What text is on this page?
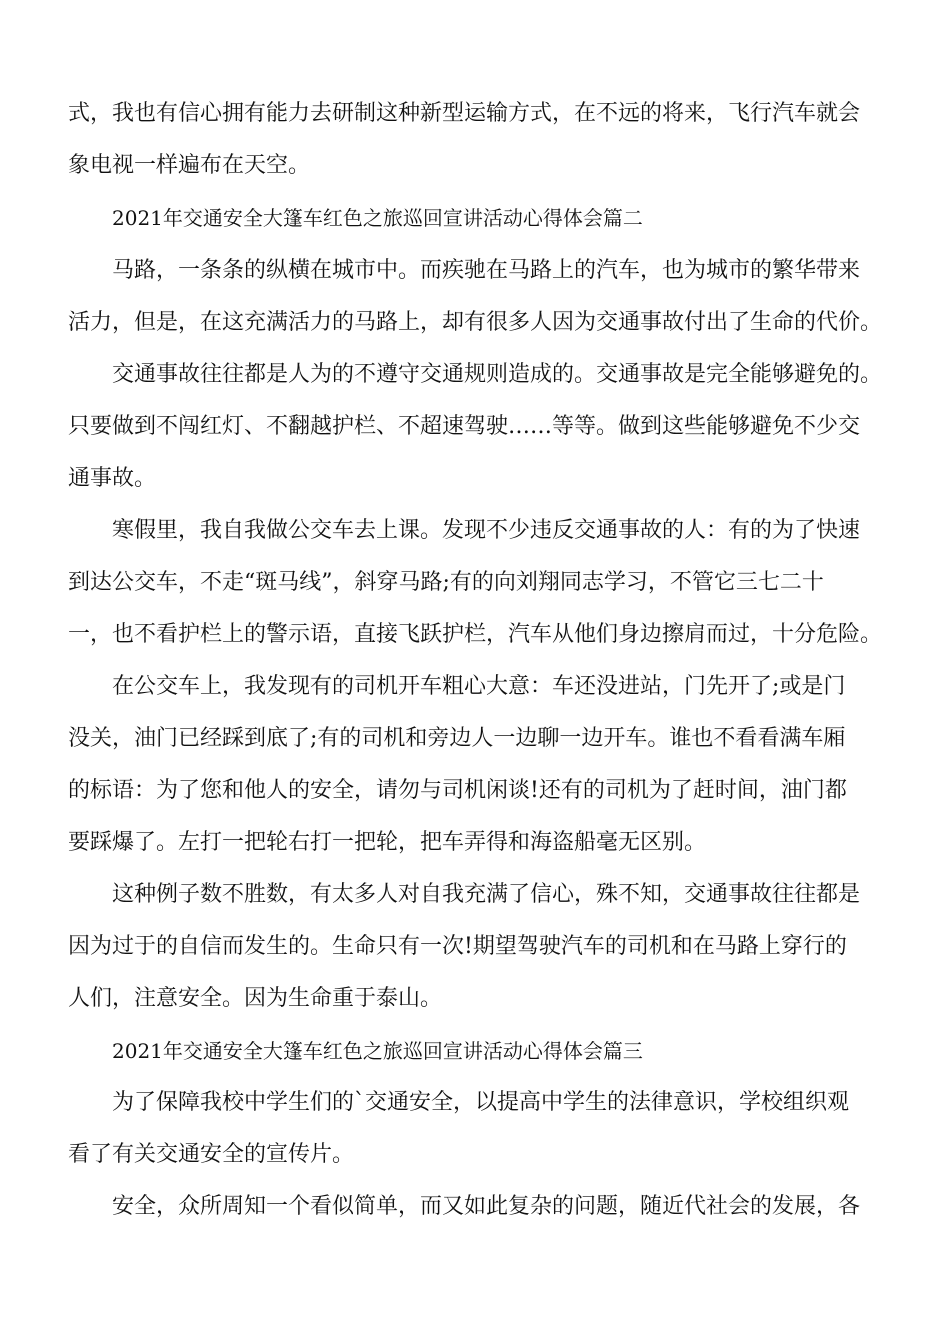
式，我也有信心拥有能力去研制这种新型运输方式，在不远的将来，飞行汽车就会
象电视一样遍布在天空。
2021年交通安全大篷车红色之旅巡回宣讲活动心得体会篇二
马路，一条条的纵横在城市中。而疾驰在马路上的汽车，也为城市的繁华带来
活力，但是，在这充满活力的马路上，却有很多人因为交通事故付出了生命的代价。
交通事故往往都是人为的不遵守交通规则造成的。交通事故是完全能够避免的。
只要做到不闯红灯、不翻越护栏、不超速驾驶……等等。做到这些能够避免不少交
通事故。
寒假里，我自我做公交车去上课。发现不少违反交通事故的人：有的为了快速
到达公交车，不走“斑马线”，斜穿马路;有的向刘翔同志学习，不管它三七二十
一，也不看护栏上的警示语，直接飞跃护栏，汽车从他们身边擦肩而过，十分危险。
在公交车上，我发现有的司机开车粗心大意：车还没进站，门先开了;或是门
没关，油门已经踩到底了;有的司机和旁边人一边聊一边开车。谁也不看看满车厢
的标语：为了您和他人的安全，请勿与司机闲谈!还有的司机为了赶时间，油门都
要踩爆了。左打一把轮右打一把轮，把车弄得和海盗船毫无区别。
这种例子数不胜数，有太多人对自我充满了信心，殊不知，交通事故往往都是
因为过于的自信而发生的。生命只有一次!期望驾驶汽车的司机和在马路上穿行的
人们，注意安全。因为生命重于泰山。
2021年交通安全大篷车红色之旅巡回宣讲活动心得体会篇三
为了保障我校中学生们的`交通安全，以提高中学生的法律意识，学校组织观
看了有关交通安全的宣传片。
安全，众所周知一个看似简单，而又如此复杂的问题，随近代社会的发展，各
